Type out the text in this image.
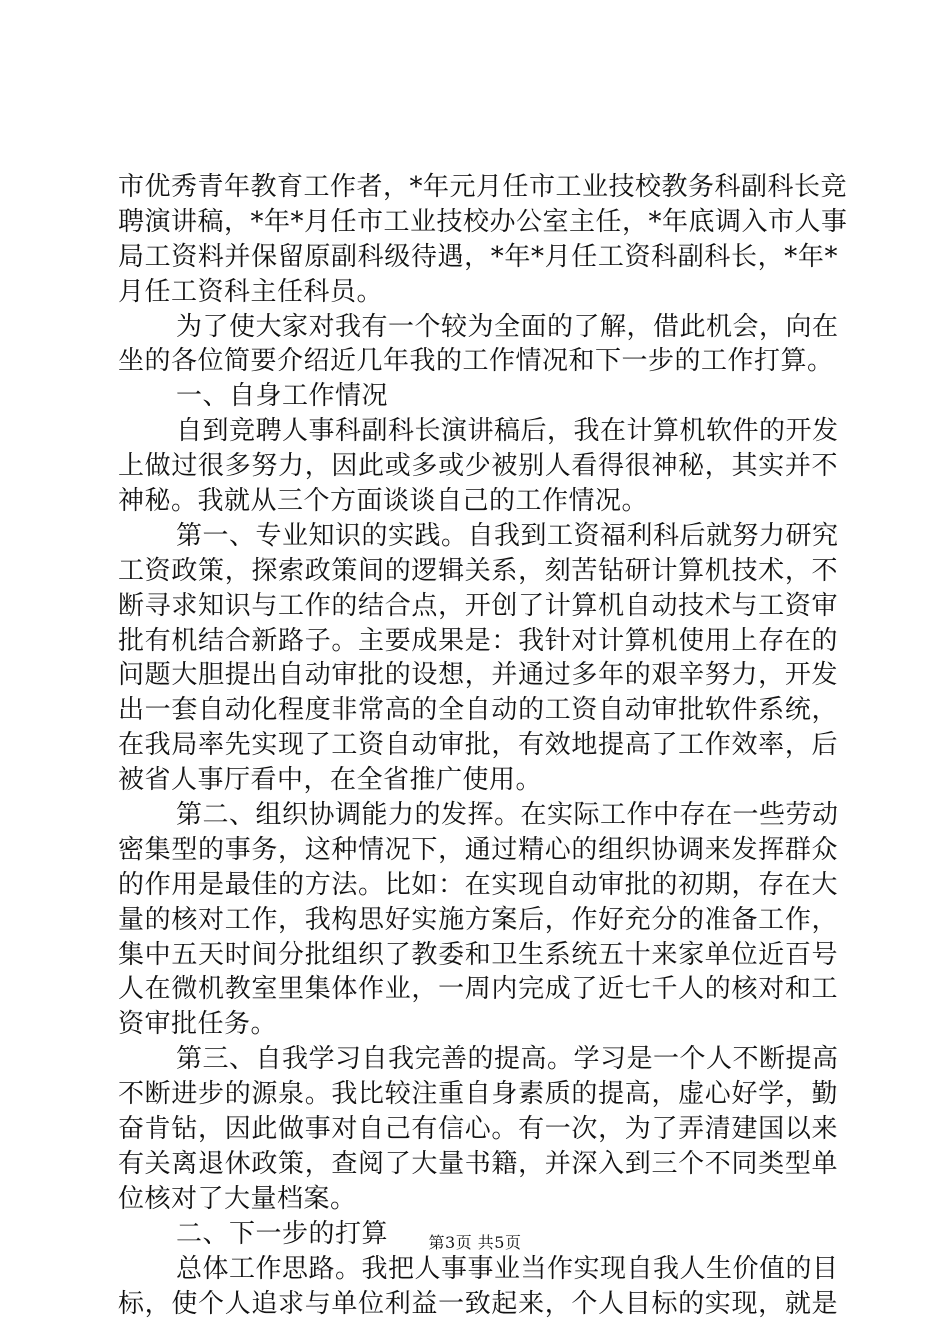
市优秀青年教育工作者，*年元月任市工业技校教务科副科长竞
聘演讲稿，*年*月任市工业技校办公室主任，*年底调入市人事
局工资料并保留原副科级待遇，*年*月任工资科副科长，*年*
月任工资科主任科员。
为了使大家对我有一个较为全面的了解，借此机会，向在
坐的各位简要介绍近几年我的工作情况和下一步的工作打算。
一、自身工作情况
自到竞聘人事科副科长演讲稿后，我在计算机软件的开发
上做过很多努力，因此或多或少被别人看得很神秘，其实并不
神秘。我就从三个方面谈谈自己的工作情况。
第一、专业知识的实践。自我到工资福利科后就努力研究
工资政策，探索政策间的逻辑关系，刻苦钻研计算机技术，不
断寻求知识与工作的结合点，开创了计算机自动技术与工资审
批有机结合新路子。主要成果是：我针对计算机使用上存在的
问题大胆提出自动审批的设想，并通过多年的艰辛努力，开发
出一套自动化程度非常高的全自动的工资自动审批软件系统，
在我局率先实现了工资自动审批，有效地提高了工作效率，后
被省人事厅看中，在全省推广使用。
第二、组织协调能力的发挥。在实际工作中存在一些劳动
密集型的事务，这种情况下，通过精心的组织协调来发挥群众
的作用是最佳的方法。比如：在实现自动审批的初期，存在大
量的核对工作，我构思好实施方案后，作好充分的准备工作，
集中五天时间分批组织了教委和卫生系统五十来家单位近百号
人在微机教室里集体作业，一周内完成了近七千人的核对和工
资审批任务。
第三、自我学习自我完善的提高。学习是一个人不断提高
不断进步的源泉。我比较注重自身素质的提高，虚心好学，勤
奋肯钻，因此做事对自己有信心。有一次，为了弄清建国以来
有关离退休政策，查阅了大量书籍，并深入到三个不同类型单
位核对了大量档案。
二、下一步的打算
总体工作思路。我把人事事业当作实现自我人生价值的目
标，使个人追求与单位利益一致起来，个人目标的实现，就是
第3页 共5页
